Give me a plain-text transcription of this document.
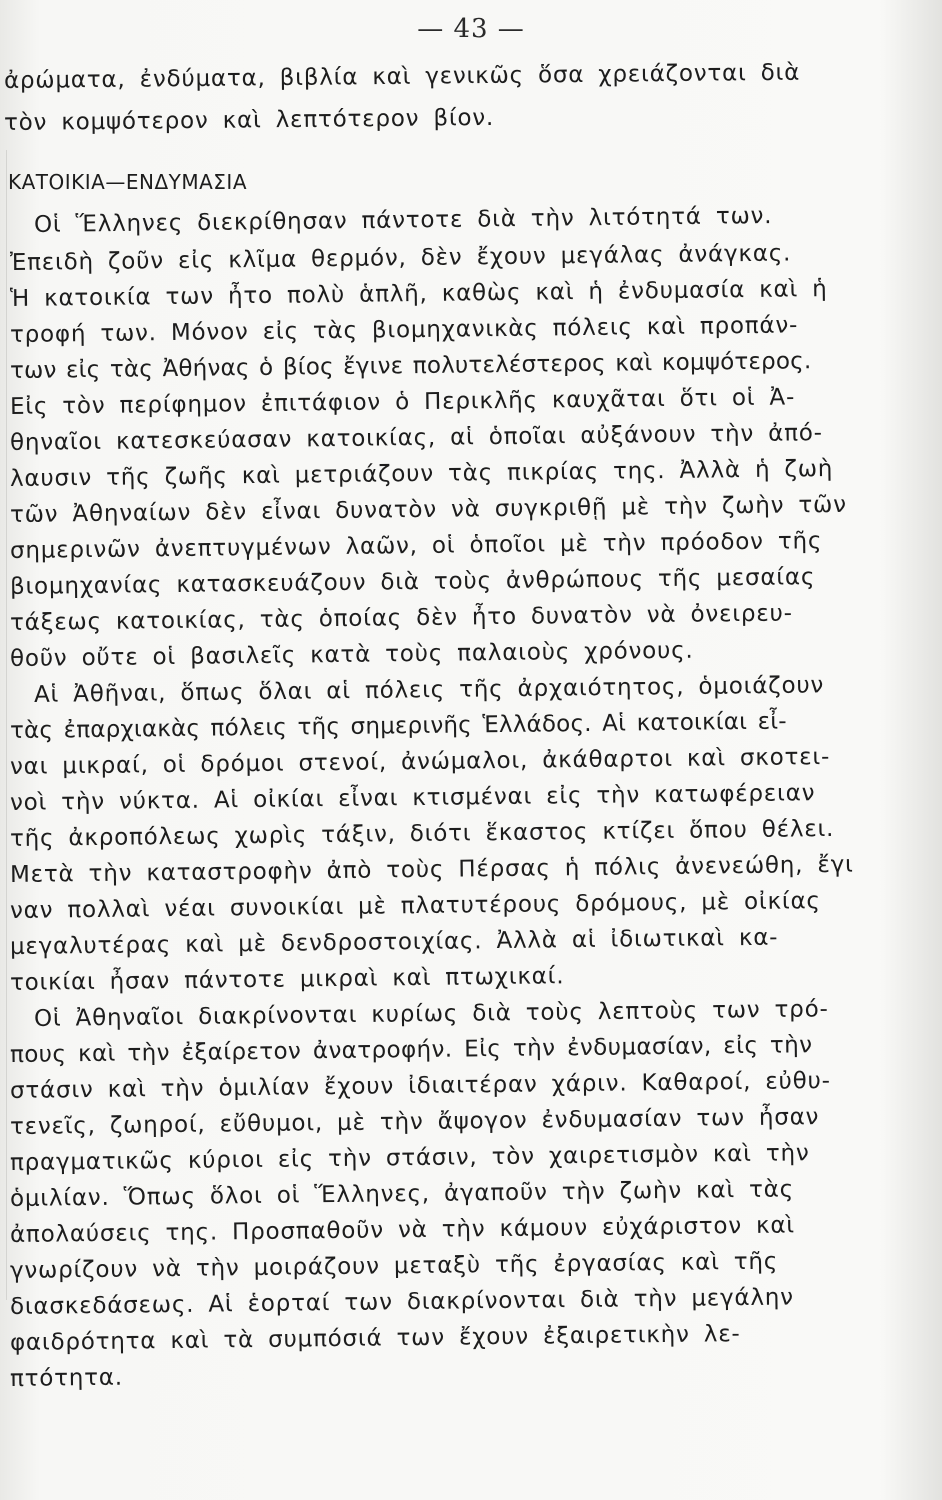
— 43 —
ἀρώματα, ἐνδύματα, βιβλία καὶ γενικῶς ὅσα χρειάζονται διὰ
τὸν κομψότερον καὶ λεπτότερον βίον.
ΚΑΤΟΙΚΙΑ—ΕΝΔΥΜΑΣΙΑ
Οἱ Ἕλληνες διεκρίθησαν πάντοτε διὰ τὴν λιτότητά των.
Ἐπειδὴ ζοῦν εἰς κλῖμα θερμόν, δὲν ἔχουν μεγάλας ἀνάγκας.
Ἡ κατοικία των ἦτο πολὺ ἁπλῆ, καθὼς καὶ ἡ ἐνδυμασία καὶ ἡ
τροφή των. Μόνον εἰς τὰς βιομηχανικὰς πόλεις καὶ προπάν-
των εἰς τὰς Ἀθήνας ὁ βίος ἔγινε πολυτελέστερος καὶ κομψότερος.
Εἰς τὸν περίφημον ἐπιτάφιον ὁ Περικλῆς καυχᾶται ὅτι οἱ Ἀ-
θηναῖοι κατεσκεύασαν κατοικίας, αἱ ὁποῖαι αὐξάνουν τὴν ἀπό-
λαυσιν τῆς ζωῆς καὶ μετριάζουν τὰς πικρίας της. Ἀλλὰ ἡ ζωὴ
τῶν Ἀθηναίων δὲν εἶναι δυνατὸν νὰ συγκριθῇ μὲ τὴν ζωὴν τῶν
σημερινῶν ἀνεπτυγμένων λαῶν, οἱ ὁποῖοι μὲ τὴν πρόοδον τῆς
βιομηχανίας κατασκευάζουν διὰ τοὺς ἀνθρώπους τῆς μεσαίας
τάξεως κατοικίας, τὰς ὁποίας δὲν ἦτο δυνατὸν νὰ ὀνειρευ-
θοῦν οὔτε οἱ βασιλεῖς κατὰ τοὺς παλαιοὺς χρόνους.
Αἱ Ἀθῆναι, ὅπως ὅλαι αἱ πόλεις τῆς ἀρχαιότητος, ὁμοιάζουν
τὰς ἐπαρχιακὰς πόλεις τῆς σημερινῆς Ἑλλάδος. Αἱ κατοικίαι εἶ-
ναι μικραί, οἱ δρόμοι στενοί, ἀνώμαλοι, ἀκάθαρτοι καὶ σκοτει-
νοὶ τὴν νύκτα. Αἱ οἰκίαι εἶναι κτισμέναι εἰς τὴν κατωφέρειαν
τῆς ἀκροπόλεως χωρὶς τάξιν, διότι ἕκαστος κτίζει ὅπου θέλει.
Μετὰ τὴν καταστροφὴν ἀπὸ τοὺς Πέρσας ἡ πόλις ἀνενεώθη, ἔγι
ναν πολλαὶ νέαι συνοικίαι μὲ πλατυτέρους δρόμους, μὲ οἰκίας
μεγαλυτέρας καὶ μὲ δενδροστοιχίας. Ἀλλὰ αἱ ἰδιωτικαὶ κα-
τοικίαι ἦσαν πάντοτε μικραὶ καὶ πτωχικαί.
Οἱ Ἀθηναῖοι διακρίνονται κυρίως διὰ τοὺς λεπτοὺς των τρό-
πους καὶ τὴν ἐξαίρετον ἀνατροφήν. Εἰς τὴν ἐνδυμασίαν, εἰς τὴν
στάσιν καὶ τὴν ὁμιλίαν ἔχουν ἰδιαιτέραν χάριν. Καθαροί, εὐθυ-
τενεῖς, ζωηροί, εὔθυμοι, μὲ τὴν ἄψογον ἐνδυμασίαν των ἦσαν
πραγματικῶς κύριοι εἰς τὴν στάσιν, τὸν χαιρετισμὸν καὶ τὴν
ὁμιλίαν. Ὅπως ὅλοι οἱ Ἕλληνες, ἀγαποῦν τὴν ζωὴν καὶ τὰς
ἀπολαύσεις της. Προσπαθοῦν νὰ τὴν κάμουν εὐχάριστον καὶ
γνωρίζουν νὰ τὴν μοιράζουν μεταξὺ τῆς ἐργασίας καὶ τῆς
διασκεδάσεως. Αἱ ἑορταί των διακρίνονται διὰ τὴν μεγάλην
φαιδρότητα καὶ τὰ συμπόσιά των ἔχουν ἐξαιρετικὴν λε-
πτότητα.
